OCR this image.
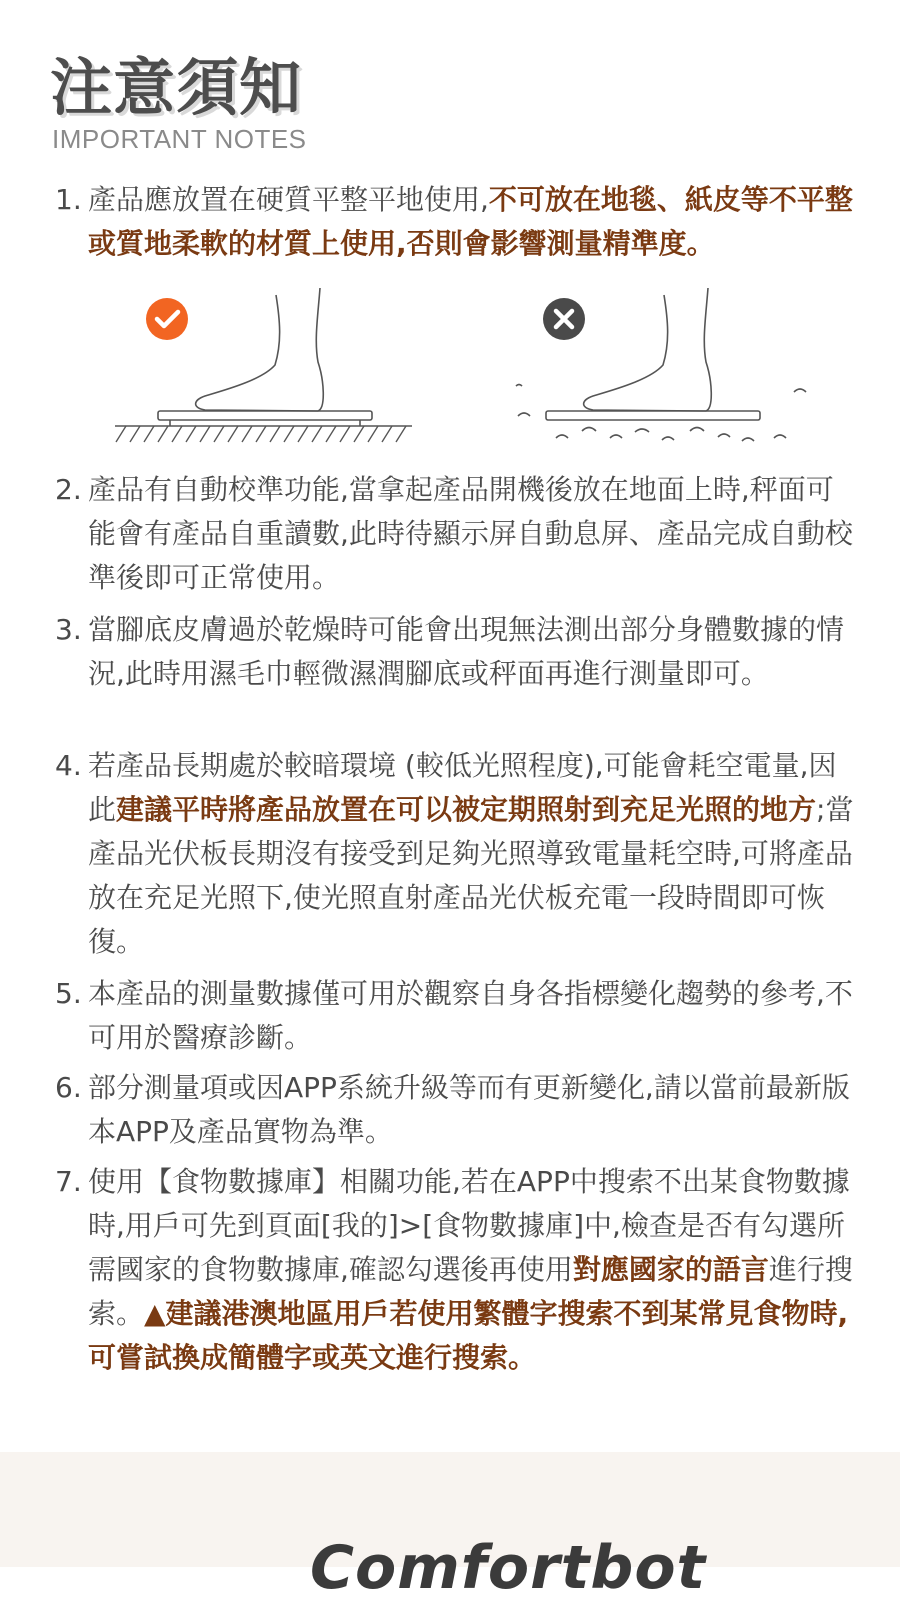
注意須知
IMPORTANT NOTES
1. 產品應放置在硬質平整平地使用,不可放在地毯、紙皮等不平整或質地柔軟的材質上使用,否則會影響測量精準度。
2. 產品有自動校準功能,當拿起產品開機後放在地面上時,秤面可能會有產品自重讀數,此時待顯示屏自動息屏、產品完成自動校準後即可正常使用。
3. 當腳底皮膚過於乾燥時可能會出現無法測出部分身體數據的情況,此時用濕毛巾輕微濕潤腳底或秤面再進行測量即可。
4. 若產品長期處於較暗環境 (較低光照程度),可能會耗空電量,因此建議平時將產品放置在可以被定期照射到充足光照的地方;當產品光伏板長期沒有接受到足夠光照導致電量耗空時,可將產品放在充足光照下,使光照直射產品光伏板充電一段時間即可恢復。
5. 本產品的測量數據僅可用於觀察自身各指標變化趨勢的參考,不可用於醫療診斷。
6. 部分測量項或因APP系統升級等而有更新變化,請以當前最新版本APP及產品實物為準。
7. 使用【食物數據庫】相關功能,若在APP中搜索不出某食物數據時,用戶可先到頁面[我的]>[食物數據庫]中,檢查是否有勾選所需國家的食物數據庫,確認勾選後再使用對應國家的語言進行搜索。▲建議港澳地區用戶若使用繁體字搜索不到某常見食物時,可嘗試換成簡體字或英文進行搜索。
Comfortbot
